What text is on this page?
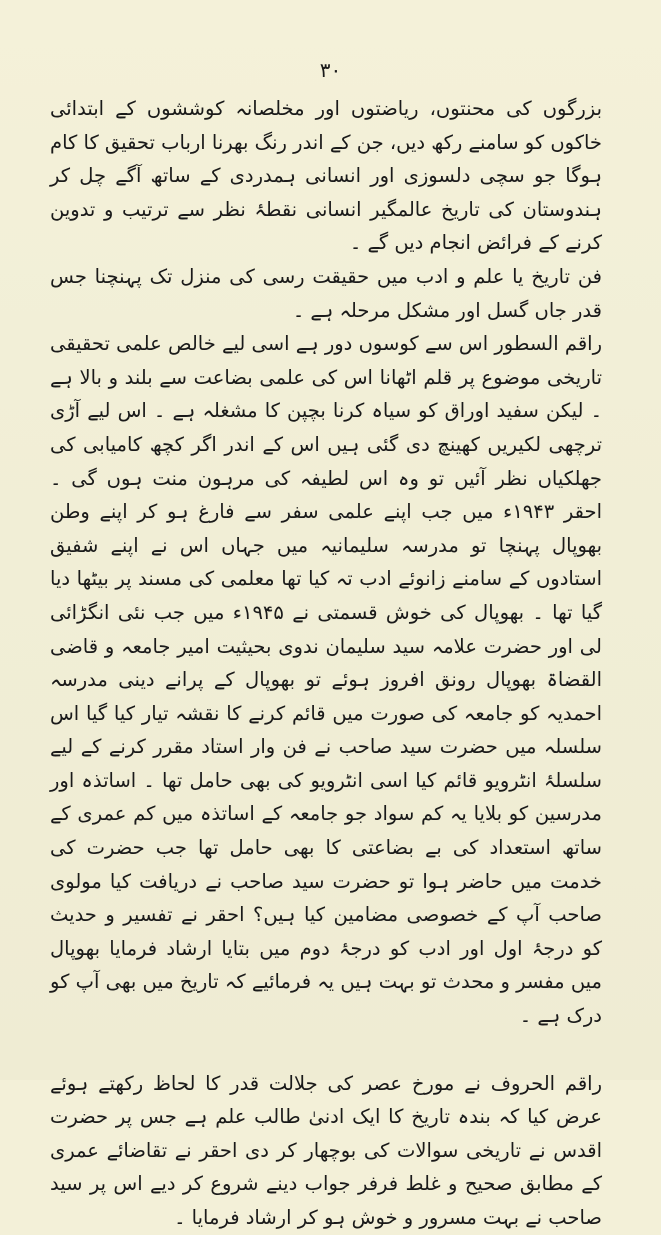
۳۰

بزرگوں کی محنتوں، ریاضتوں اور مخلصانہ کوششوں کے ابتدائی خاکوں کو سامنے رکھ دیں، جن کے اندر رنگ بھرنا ارباب تحقیق کا کام ہوگا جو سچی دلسوزی اور انسانی ہمدردی کے ساتھ آگے چل کر ہندوستان کی تاریخ عالمگیر انسانی نقطۂ نظر سے ترتیب و تدوین کرنے کے فرائض انجام دیں گے ۔

فن تاریخ یا علم و ادب میں حقیقت رسی کی منزل تک پہنچنا جس قدر جاں گسل اور مشکل مرحلہ ہے ۔

راقم السطور اس سے کوسوں دور ہے اسی لیے خالص علمی تحقیقی تاریخی موضوع پر قلم اٹھانا اس کی علمی بضاعت سے بلند و بالا ہے ۔ لیکن سفید اوراق کو سیاہ کرنا بچپن کا مشغلہ ہے ۔ اس لیے آڑی ترچھی لکیریں کھینچ دی گئی ہیں اس کے اندر اگر کچھ کامیابی کی جھلکیاں نظر آئیں تو وہ اس لطیفہ کی مرہون منت ہوں گی ۔ احقر ۱۹۴۳ء میں جب اپنے علمی سفر سے فارغ ہو کر اپنے وطن بھوپال پہنچا تو مدرسہ سلیمانیہ میں جہاں اس نے اپنے شفیق استادوں کے سامنے زانوئے ادب تہ کیا تھا معلمی کی مسند پر بیٹھا دیا گیا تھا ۔ بھوپال کی خوش قسمتی نے ۱۹۴۵ء میں جب نئی انگڑائی لی اور حضرت علامہ سید سلیمان ندوی بحیثیت امیر جامعہ و قاضی القضاۃ بھوپال رونق افروز ہوئے تو بھوپال کے پرانے دینی مدرسہ احمدیہ کو جامعہ کی صورت میں قائم کرنے کا نقشہ تیار کیا گیا اس سلسلہ میں حضرت سید صاحب نے فن وار استاد مقرر کرنے کے لیے سلسلۂ انٹرویو قائم کیا اسی انٹرویو کی بھی حامل تھا ۔ اساتذہ اور مدرسین کو بلایا یہ کم سواد جو جامعہ کے اساتذہ میں کم عمری کے ساتھ استعداد کی بے بضاعتی کا بھی حامل تھا جب حضرت کی خدمت میں حاضر ہوا تو حضرت سید صاحب نے دریافت کیا مولوی صاحب آپ کے خصوصی مضامین کیا ہیں؟ احقر نے تفسیر و حدیث کو درجۂ اول اور ادب کو درجۂ دوم میں بتایا ارشاد فرمایا بھوپال میں مفسر و محدث تو بہت ہیں یہ فرمائیے کہ تاریخ میں بھی آپ کو درک ہے ۔

راقم الحروف نے مورخ عصر کی جلالت قدر کا لحاظ رکھتے ہوئے عرض کیا کہ بندہ تاریخ کا ایک ادنیٰ طالب علم ہے جس پر حضرت اقدس نے تاریخی سوالات کی بوچھار کر دی احقر نے تقاضائے عمری کے مطابق صحیح و غلط فرفر جواب دینے شروع کر دیے اس پر سید صاحب نے بہت مسرور و خوش ہو کر ارشاد فرمایا ۔
